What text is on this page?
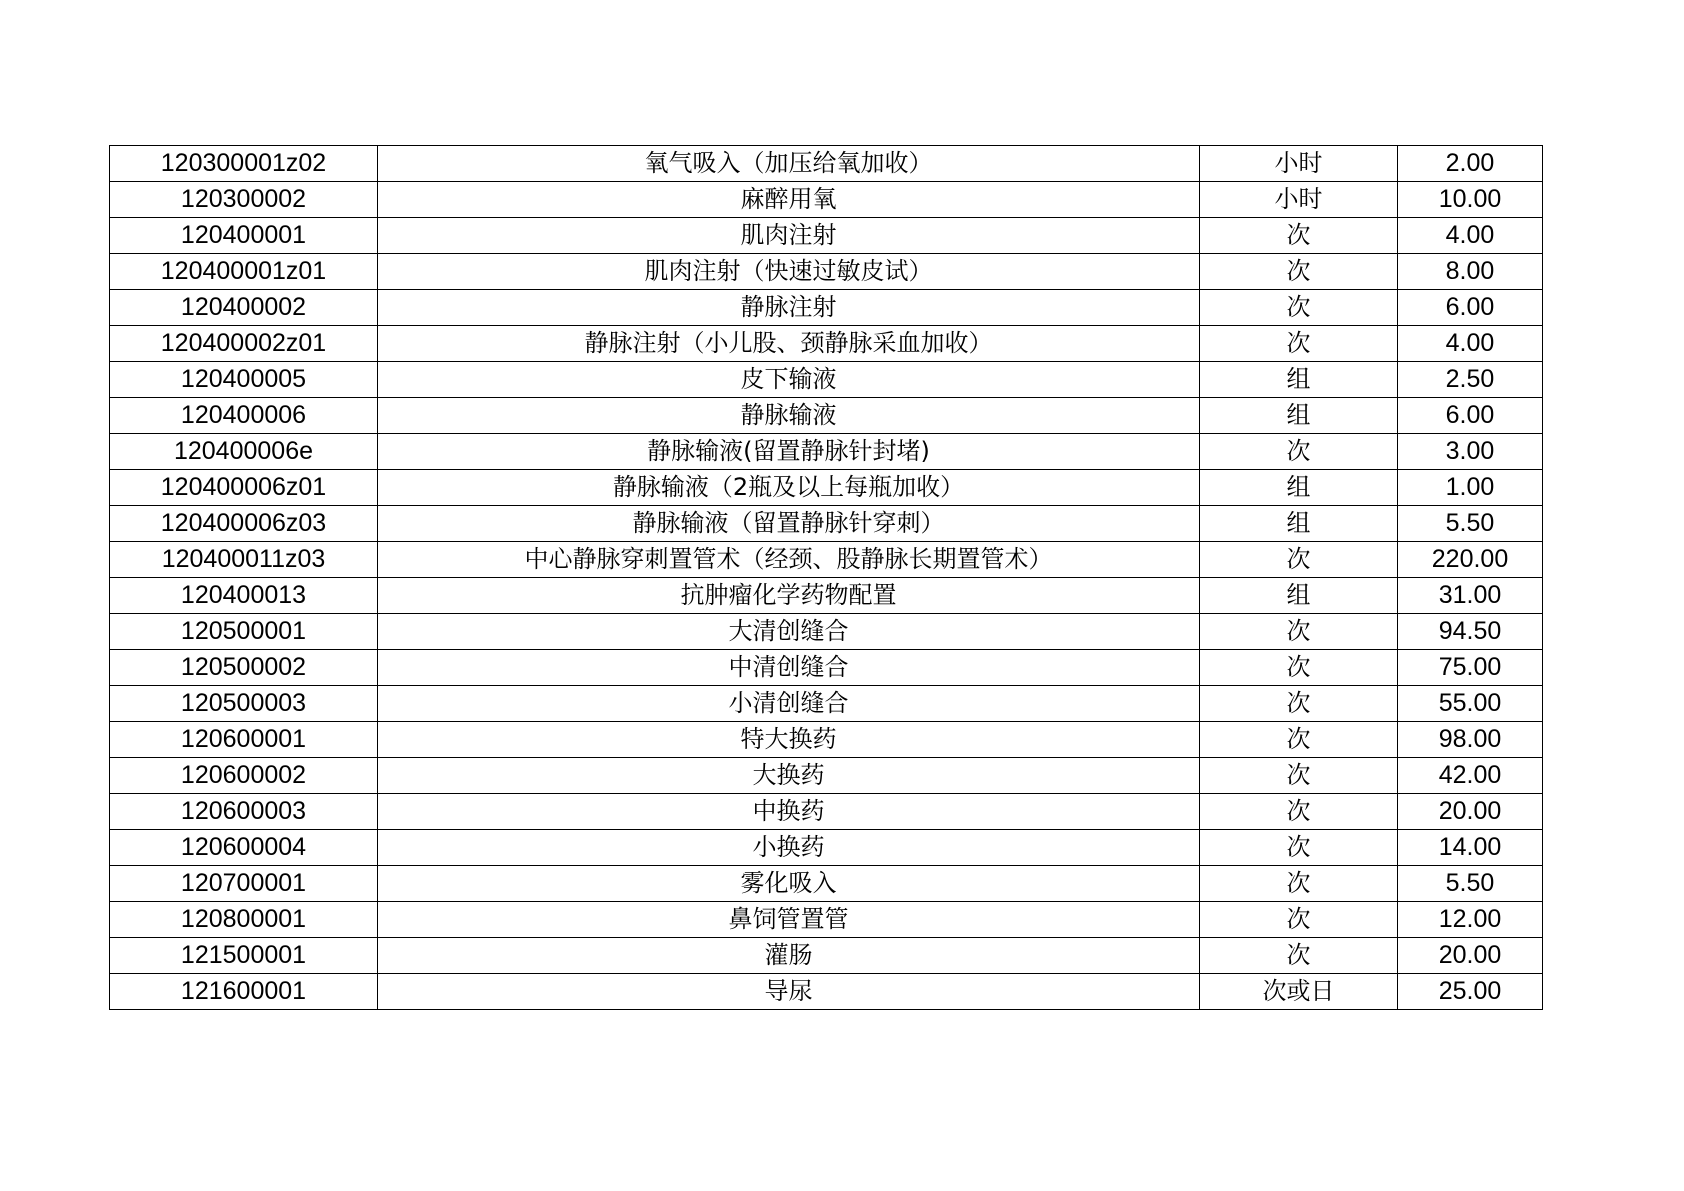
120300001z02	氧气吸入（加压给氧加收）	小时	2.00
120300002	麻醉用氧	小时	10.00
120400001	肌肉注射	次	4.00
120400001z01	肌肉注射（快速过敏皮试）	次	8.00
120400002	静脉注射	次	6.00
120400002z01	静脉注射（小儿股、颈静脉采血加收）	次	4.00
120400005	皮下输液	组	2.50
120400006	静脉输液	组	6.00
120400006e	静脉输液(留置静脉针封堵)	次	3.00
120400006z01	静脉输液（2瓶及以上每瓶加收）	组	1.00
120400006z03	静脉输液（留置静脉针穿刺）	组	5.50
120400011z03	中心静脉穿刺置管术（经颈、股静脉长期置管术）	次	220.00
120400013	抗肿瘤化学药物配置	组	31.00
120500001	大清创缝合	次	94.50
120500002	中清创缝合	次	75.00
120500003	小清创缝合	次	55.00
120600001	特大换药	次	98.00
120600002	大换药	次	42.00
120600003	中换药	次	20.00
120600004	小换药	次	14.00
120700001	雾化吸入	次	5.50
120800001	鼻饲管置管	次	12.00
121500001	灌肠	次	20.00
121600001	导尿	次或日	25.00
